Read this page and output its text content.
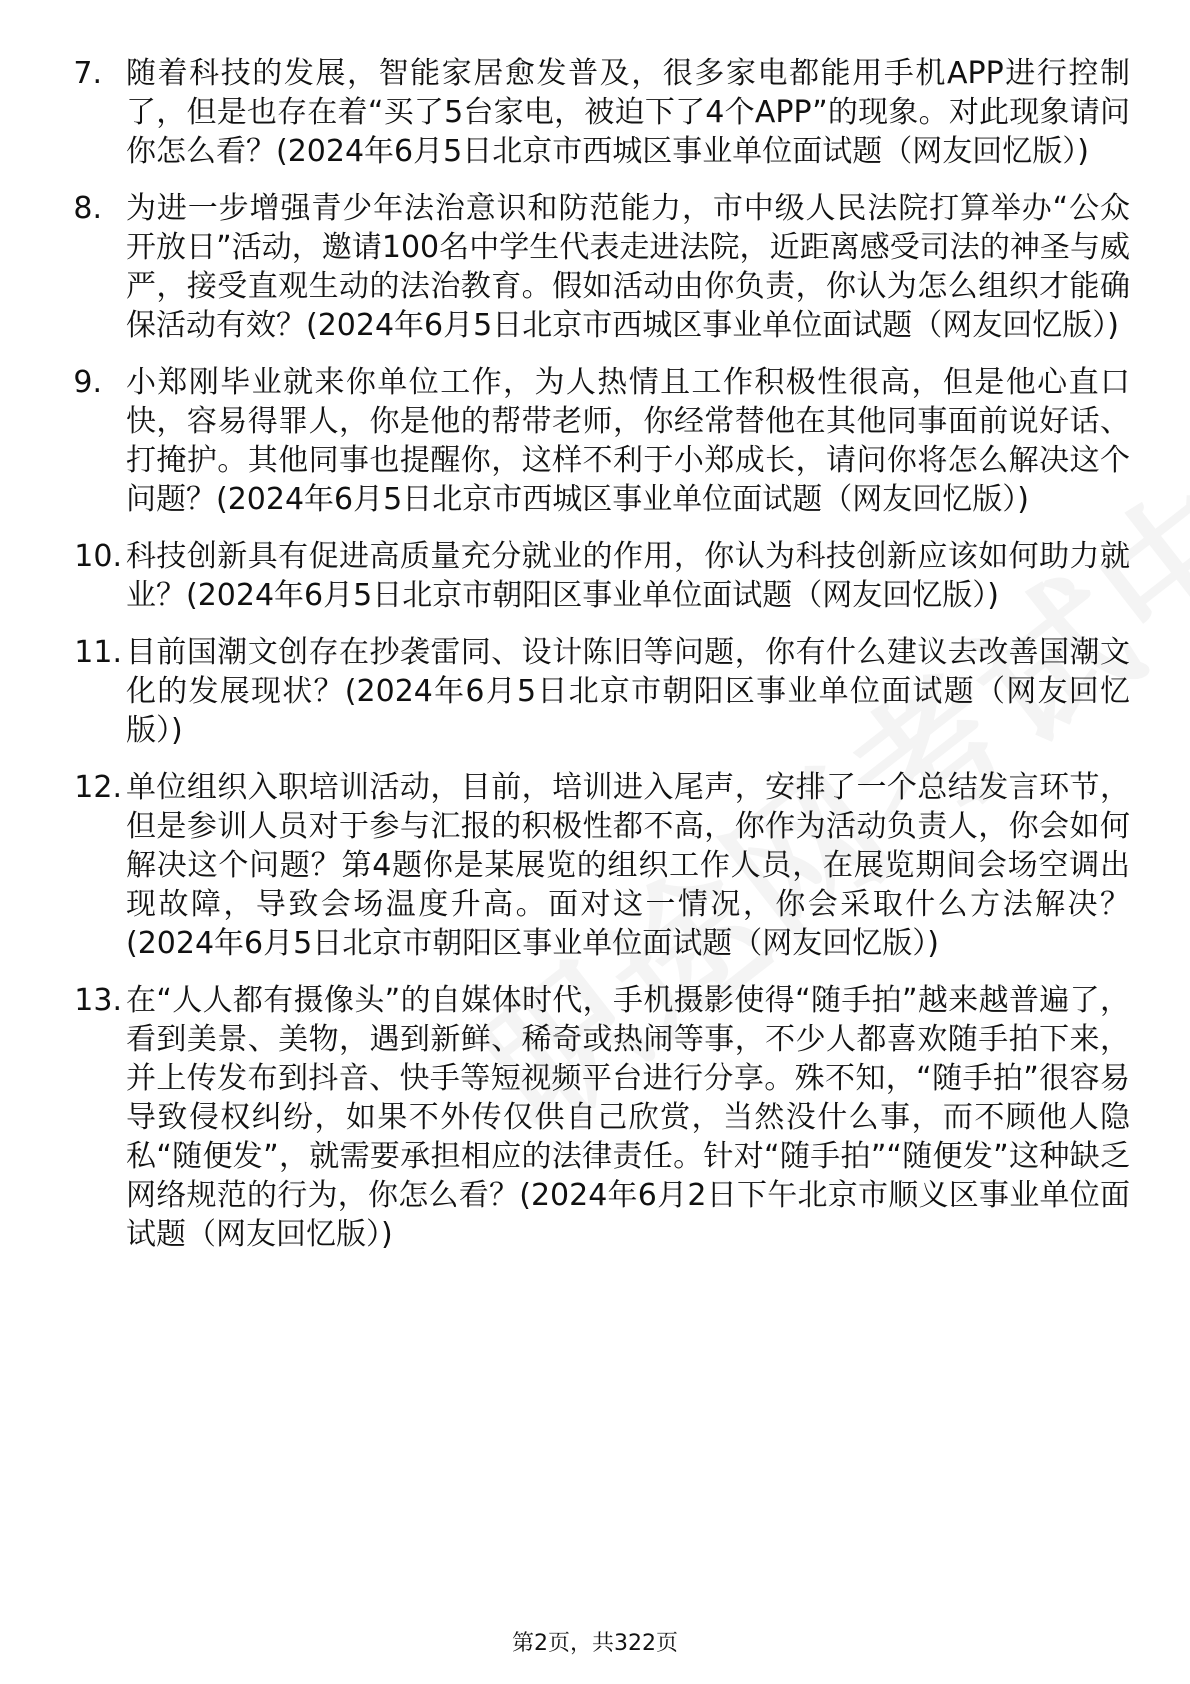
7. 随着科技的发展，智能家居愈发普及，很多家电都能用手机APP进行控制了，但是也存在着“买了5台家电，被迫下了4个APP”的现象。对此现象请问你怎么看？(2024年6月5日北京市西城区事业单位面试题（网友回忆版）)
8. 为进一步增强青少年法治意识和防范能力，市中级人民法院打算举办“公众开放日”活动，邀请100名中学生代表走进法院，近距离感受司法的神圣与威严，接受直观生动的法治教育。假如活动由你负责，你认为怎么组织才能确保活动有效？(2024年6月5日北京市西城区事业单位面试题（网友回忆版）)
9. 小郑刚毕业就来你单位工作，为人热情且工作积极性很高，但是他心直口快，容易得罪人，你是他的帮带老师，你经常替他在其他同事面前说好话、打掩护。其他同事也提醒你，这样不利于小郑成长，请问你将怎么解决这个问题？(2024年6月5日北京市西城区事业单位面试题（网友回忆版）)
10. 科技创新具有促进高质量充分就业的作用，你认为科技创新应该如何助力就业？(2024年6月5日北京市朝阳区事业单位面试题（网友回忆版）)
11. 目前国潮文创存在抄袭雷同、设计陈旧等问题，你有什么建议去改善国潮文化的发展现状？(2024年6月5日北京市朝阳区事业单位面试题（网友回忆版）)
12. 单位组织入职培训活动，目前，培训进入尾声，安排了一个总结发言环节，但是参训人员对于参与汇报的积极性都不高，你作为活动负责人，你会如何解决这个问题？第4题你是某展览的组织工作人员，在展览期间会场空调出现故障，导致会场温度升高。面对这一情况，你会采取什么方法解决？(2024年6月5日北京市朝阳区事业单位面试题（网友回忆版）)
13. 在“人人都有摄像头”的自媒体时代，手机摄影使得“随手拍”越来越普遍了，看到美景、美物，遇到新鲜、稀奇或热闹等事，不少人都喜欢随手拍下来，并上传发布到抖音、快手等短视频平台进行分享。殊不知，“随手拍”很容易导致侵权纠纷，如果不外传仅供自己欣赏，当然没什么事，而不顾他人隐私“随便发”，就需要承担相应的法律责任。针对“随手拍”“随便发”这种缺乏网络规范的行为，你怎么看？(2024年6月2日下午北京市顺义区事业单位面试题（网友回忆版）)
第2页，共322页
